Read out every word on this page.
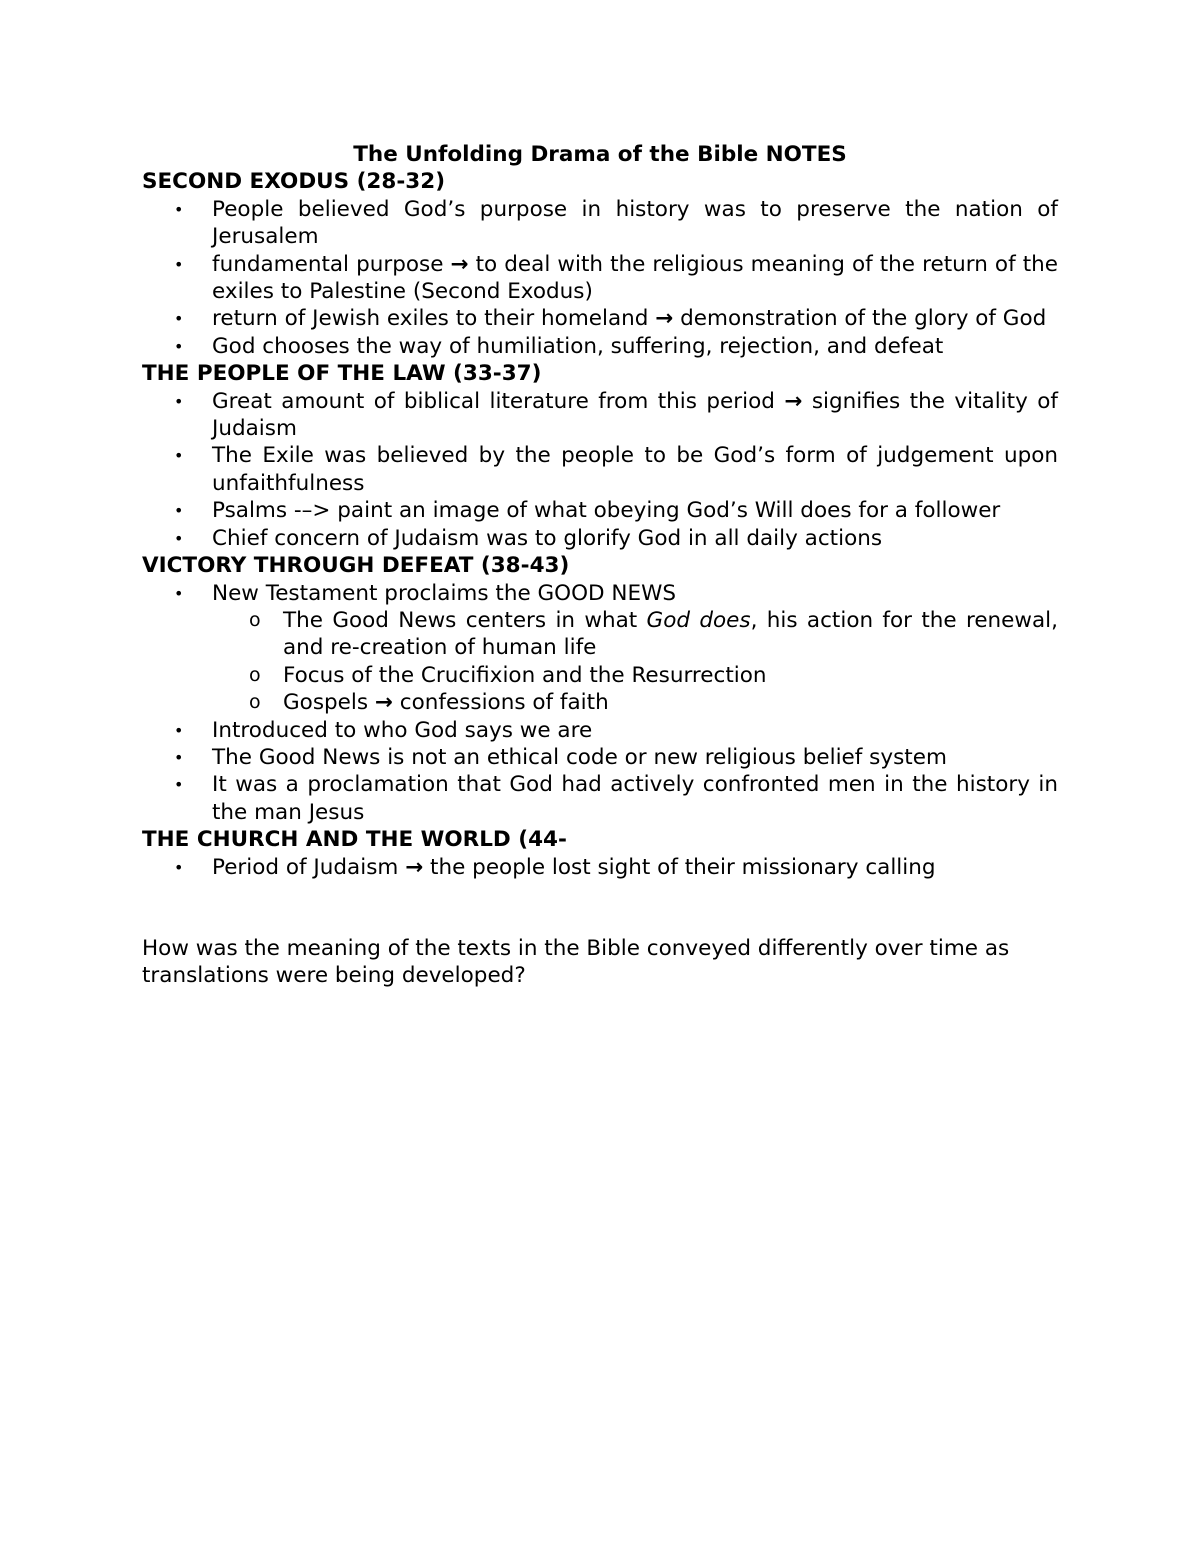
The Unfolding Drama of the Bible NOTES

SECOND EXODUS (28-32)

• People believed God’s purpose in history was to preserve the nation of Jerusalem
• fundamental purpose → to deal with the religious meaning of the return of the exiles to Palestine (Second Exodus)
• return of Jewish exiles to their homeland → demonstration of the glory of God
• God chooses the way of humiliation, suffering, rejection, and defeat

THE PEOPLE OF THE LAW (33-37)

• Great amount of biblical literature from this period → signifies the vitality of Judaism
• The Exile was believed by the people to be God’s form of judgement upon unfaithfulness
• Psalms -–> paint an image of what obeying God’s Will does for a follower
• Chief concern of Judaism was to glorify God in all daily actions

VICTORY THROUGH DEFEAT (38-43)

• New Testament proclaims the GOOD NEWS
o The Good News centers in what God does, his action for the renewal, and re-creation of human life
o Focus of the Crucifixion and the Resurrection
o Gospels → confessions of faith
• Introduced to who God says we are
• The Good News is not an ethical code or new religious belief system
• It was a proclamation that God had actively confronted men in the history in the man Jesus

THE CHURCH AND THE WORLD (44-

• Period of Judaism → the people lost sight of their missionary calling

How was the meaning of the texts in the Bible conveyed differently over time as translations were being developed?
